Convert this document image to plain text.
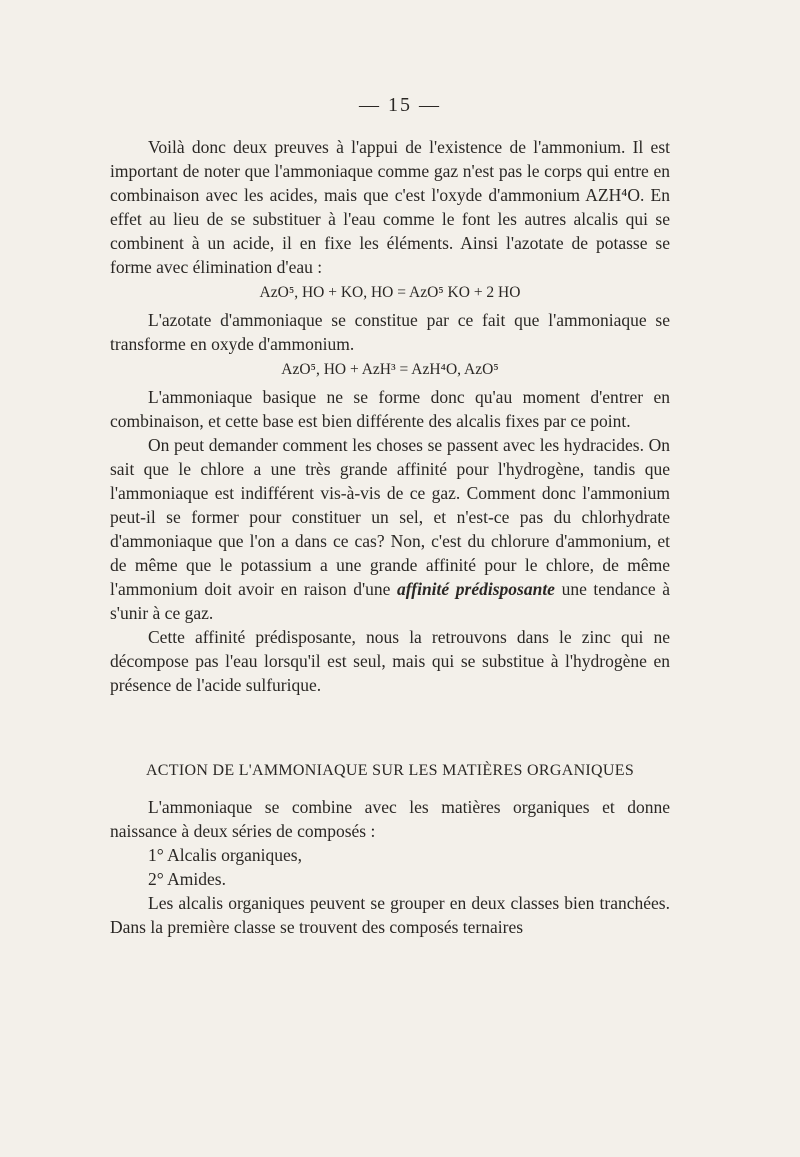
— 15 —

Voilà donc deux preuves à l'appui de l'existence de l'ammonium. Il est important de noter que l'ammoniaque comme gaz n'est pas le corps qui entre en combinaison avec les acides, mais que c'est l'oxyde d'ammonium AZH⁴O. En effet au lieu de se substituer à l'eau comme le font les autres alcalis qui se combinent à un acide, il en fixe les éléments. Ainsi l'azotate de potasse se forme avec élimination d'eau :

AzO⁵, HO + KO, HO = AzO⁵ KO + 2 HO

L'azotate d'ammoniaque se constitue par ce fait que l'ammoniaque se transforme en oxyde d'ammonium.

AzO⁵, HO + AzH³ = AzH⁴O, AzO⁵

L'ammoniaque basique ne se forme donc qu'au moment d'entrer en combinaison, et cette base est bien différente des alcalis fixes par ce point.

On peut demander comment les choses se passent avec les hydracides. On sait que le chlore a une très grande affinité pour l'hydrogène, tandis que l'ammoniaque est indifférent vis-à-vis de ce gaz. Comment donc l'ammonium peut-il se former pour constituer un sel, et n'est-ce pas du chlorhydrate d'ammoniaque que l'on a dans ce cas? Non, c'est du chlorure d'ammonium, et de même que le potassium a une grande affinité pour le chlore, de même l'ammonium doit avoir en raison d'une affinité prédisposante une tendance à s'unir à ce gaz.

Cette affinité prédisposante, nous la retrouvons dans le zinc qui ne décompose pas l'eau lorsqu'il est seul, mais qui se substitue à l'hydrogène en présence de l'acide sulfurique.

ACTION DE L'AMMONIAQUE SUR LES MATIÈRES ORGANIQUES

L'ammoniaque se combine avec les matières organiques et donne naissance à deux séries de composés :

1° Alcalis organiques,

2° Amides.

Les alcalis organiques peuvent se grouper en deux classes bien tranchées. Dans la première classe se trouvent des composés ternaires
